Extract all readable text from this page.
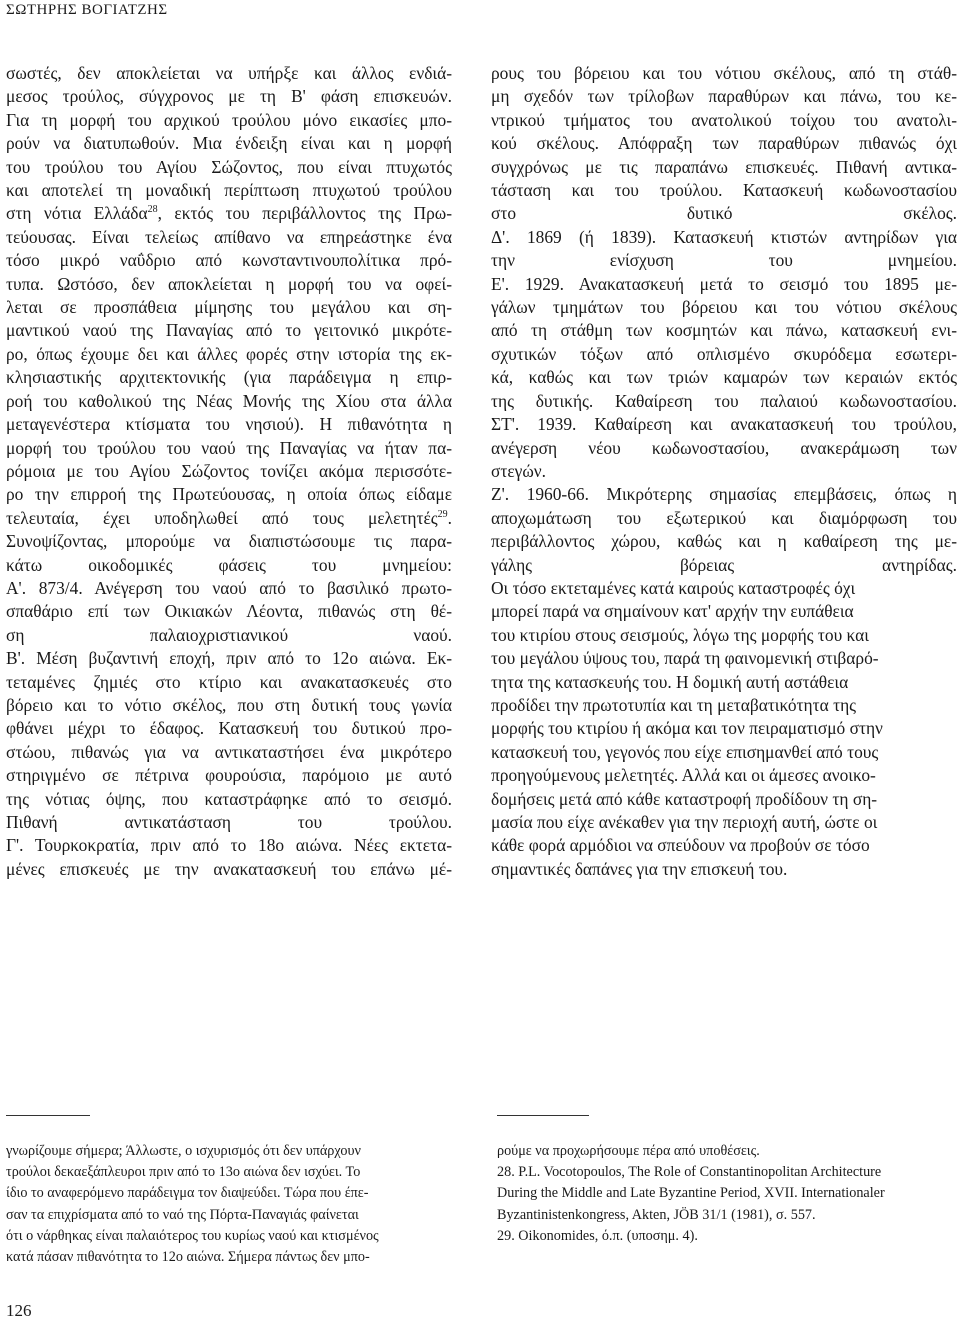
ΣΩΤΗΡΗΣ ΒΟΓΙΑΤΖΗΣ

σωστές, δεν αποκλείεται να υπήρξε και άλλος ενδιά-
μεσος τρούλος, σύγχρονος με τη Β' φάση επισκευών.
Για τη μορφή του αρχικού τρούλου μόνο εικασίες μπο-
ρούν να διατυπωθούν. Μια ένδειξη είναι και η μορφή
του τρούλου του Αγίου Σώζοντος, που είναι πτυχωτός
και αποτελεί τη μοναδική περίπτωση πτυχωτού τρούλου
στη νότια Ελλάδα$^{28}$, εκτός του περιβάλλοντος της Πρω-
τεύουσας. Είναι τελείως απίθανο να επηρεάστηκε ένα
τόσο μικρό ναΰδριο από κωνσταντινουπολίτικα πρό-
τυπα. Ωστόσο, δεν αποκλείεται η μορφή του να οφεί-
λεται σε προσπάθεια μίμησης του μεγάλου και ση-
μαντικού ναού της Παναγίας από το γειτονικό μικρότε-
ρο, όπως έχουμε δει και άλλες φορές στην ιστορία της εκ-
κλησιαστικής αρχιτεκτονικής (για παράδειγμα η επιρ-
ροή του καθολικού της Νέας Μονής της Χίου στα άλλα
μεταγενέστερα κτίσματα του νησιού). Η πιθανότητα η
μορφή του τρούλου του ναού της Παναγίας να ήταν πα-
ρόμοια με του Αγίου Σώζοντος τονίζει ακόμα περισσότε-
ρο την επιρροή της Πρωτεύουσας, η οποία όπως είδαμε
τελευταία, έχει υποδηλωθεί από τους μελετητές$^{29}$.

Συνοψίζοντας, μπορούμε να διαπιστώσουμε τις παρα-
κάτω οικοδομικές φάσεις του μνημείου:

Α'. 873/4. Ανέγερση του ναού από το βασιλικό πρωτο-
σπαθάριο επί των Οικιακών Λέοντα, πιθανώς στη θέ-
ση παλαιοχριστιανικού ναού.

Β'. Μέση βυζαντινή εποχή, πριν από το 12ο αιώνα. Εκ-
τεταμένες ζημιές στο κτίριο και ανακατασκευές στο
βόρειο και το νότιο σκέλος, που στη δυτική τους γωνία
φθάνει μέχρι το έδαφος. Κατασκευή του δυτικού προ-
στώου, πιθανώς για να αντικαταστήσει ένα μικρότερο
στηριγμένο σε πέτρινα φουρούσια, παρόμοιο με αυτό
της νότιας όψης, που καταστράφηκε από το σεισμό.
Πιθανή αντικατάσταση του τρούλου.

Γ'. Τουρκοκρατία, πριν από το 18ο αιώνα. Νέες εκτετα-
μένες επισκευές με την ανακατασκευή του επάνω μέ-

ρους του βόρειου και του νότιου σκέλους, από τη στάθ-
μη σχεδόν των τρίλοβων παραθύρων και πάνω, του κε-
ντρικού τμήματος του ανατολικού τοίχου του ανατολι-
κού σκέλους. Απόφραξη των παραθύρων πιθανώς όχι
συγχρόνως με τις παραπάνω επισκευές. Πιθανή αντικα-
τάσταση και του τρούλου. Κατασκευή κωδωνοστασίου
στο δυτικό σκέλος.

Δ'. 1869 (ή 1839). Κατασκευή κτιστών αντηρίδων για
την ενίσχυση του μνημείου.

Ε'. 1929. Ανακατασκευή μετά το σεισμό του 1895 με-
γάλων τμημάτων του βόρειου και του νότιου σκέλους
από τη στάθμη των κοσμητών και πάνω, κατασκευή ενι-
σχυτικών τόξων από οπλισμένο σκυρόδεμα εσωτερι-
κά, καθώς και των τριών καμαρών των κεραιών εκτός
της δυτικής. Καθαίρεση του παλαιού κωδωνοστασίου.

ΣΤ'. 1939. Καθαίρεση και ανακατασκευή του τρούλου,
ανέγερση νέου κωδωνοστασίου, ανακεράμωση των
στεγών.

Ζ'. 1960-66. Μικρότερης σημασίας επεμβάσεις, όπως η
αποχωμάτωση του εξωτερικού και διαμόρφωση του
περιβάλλοντος χώρου, καθώς και η καθαίρεση της με-
γάλης βόρειας αντηρίδας.

Οι τόσο εκτεταμένες κατά καιρούς καταστροφές όχι
μπορεί παρά να σημαίνουν κατ' αρχήν την ευπάθεια
του κτιρίου στους σεισμούς, λόγω της μορφής του και
του μεγάλου ύψους του, παρά τη φαινομενική στιβαρό-
τητα της κατασκευής του. Η δομική αυτή αστάθεια
προδίδει την πρωτοτυπία και τη μεταβατικότητα της
μορφής του κτιρίου ή ακόμα και τον πειραματισμό στην
κατασκευή του, γεγονός που είχε επισημανθεί από τους
προηγούμενους μελετητές. Αλλά και οι άμεσες ανοικο-
δομήσεις μετά από κάθε καταστροφή προδίδουν τη ση-
μασία που είχε ανέκαθεν για την περιοχή αυτή, ώστε οι
κάθε φορά αρμόδιοι να σπεύδουν να προβούν σε τόσο
σημαντικές δαπάνες για την επισκευή του.

γνωρίζουμε σήμερα; Άλλωστε, ο ισχυρισμός ότι δεν υπάρχουν
τρούλοι δεκαεξάπλευροι πριν από το 13ο αιώνα δεν ισχύει. Το
ίδιο το αναφερόμενο παράδειγμα τον διαψεύδει. Τώρα που έπε-
σαν τα επιχρίσματα από το ναό της Πόρτα-Παναγιάς φαίνεται
ότι ο νάρθηκας είναι παλαιότερος του κυρίως ναού και κτισμένος
κατά πάσαν πιθανότητα το 12ο αιώνα. Σήμερα πάντως δεν μπο-

ρούμε να προχωρήσουμε πέρα από υποθέσεις.

28. P.L. Vocotopoulos, The Role of Constantinopolitan Architecture
During the Middle and Late Byzantine Period, XVII. Internationaler
Byzantinistenkongress, Akten, JÖB 31/1 (1981), σ. 557.

29. Oikonomides, ό.π. (υποσημ. 4).

126
